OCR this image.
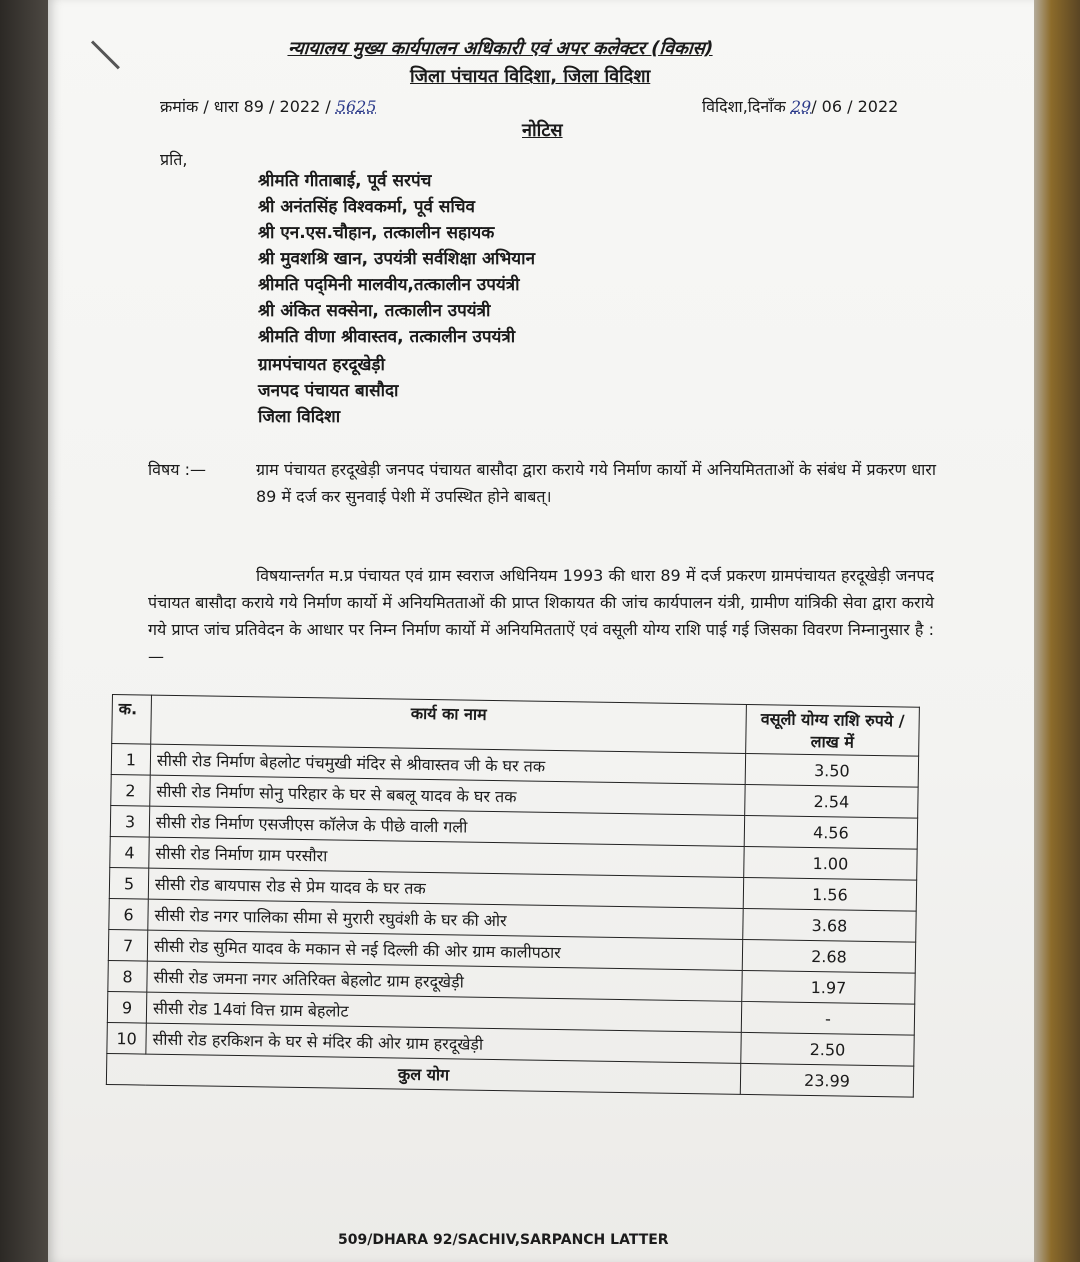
न्यायालय मुख्य कार्यपालन अधिकारी एवं अपर कलेक्टर (विकास)
जिला पंचायत विदिशा, जिला विदिशा
क्रमांक / धारा 89 / 2022 / 5625	विदिशा,दिनाँक 29/ 06 / 2022
नोटिस
प्रति,
श्रीमति गीताबाई, पूर्व सरपंच
श्री अनंतसिंह विश्वकर्मा, पूर्व सचिव
श्री एन.एस.चौहान, तत्कालीन सहायक
श्री मुवशश्रि खान, उपयंत्री सर्वशिक्षा अभियान
श्रीमति पद्‌मिनी मालवीय,तत्कालीन उपयंत्री
श्री अंकित सक्सेना, तत्कालीन उपयंत्री
श्रीमति वीणा श्रीवास्तव, तत्कालीन उपयंत्री
ग्रामपंचायत हरदूखेड़ी
जनपद पंचायत बासौदा
जिला विदिशा
विषय :—	ग्राम पंचायत हरदूखेड़ी जनपद पंचायत बासौदा द्वारा कराये गये निर्माण कार्यो में अनियमितताओं के संबंध में प्रकरण धारा 89 में दर्ज कर सुनवाई पेशी में उपस्थित होने बाबत्।
विषयान्तर्गत म.प्र पंचायत एवं ग्राम स्वराज अधिनियम 1993 की धारा 89 में दर्ज प्रकरण ग्रामपंचायत हरदूखेड़ी जनपद पंचायत बासौदा कराये गये निर्माण कार्यो में अनियमितताओं की प्राप्त शिकायत की जांच कार्यपालन यंत्री, ग्रामीण यांत्रिकी सेवा द्वारा कराये गये प्राप्त जांच प्रतिवेदन के आधार पर निम्न निर्माण कार्यो में अनियमितताऐं एवं वसूली योग्य राशि पाई गई जिसका विवरण निम्नानुसार है :—
क.	कार्य का नाम	वसूली योग्य राशि रुपये / लाख में
1	सीसी रोड निर्माण बेहलोट पंचमुखी मंदिर से श्रीवास्तव जी के घर तक	3.50
2	सीसी रोड निर्माण सोनु परिहार के घर से बबलू यादव के घर तक	2.54
3	सीसी रोड निर्माण एसजीएस कॉलेज के पीछे वाली गली	4.56
4	सीसी रोड निर्माण ग्राम परसौरा	1.00
5	सीसी रोड बायपास रोड से प्रेम यादव के घर तक	1.56
6	सीसी रोड नगर पालिका सीमा से मुरारी रघुवंशी के घर की ओर	3.68
7	सीसी रोड सुमित यादव के मकान से नई दिल्ली की ओर ग्राम कालीपठार	2.68
8	सीसी रोड जमना नगर अतिरिक्त बेहलोट ग्राम हरदूखेड़ी	1.97
9	सीसी रोड 14वां वित्त ग्राम बेहलोट	-
10	सीसी रोड हरकिशन के घर से मंदिर की ओर ग्राम हरदूखेड़ी	2.50
कुल योग		23.99
509/DHARA 92/SACHIV,SARPANCH LATTER
